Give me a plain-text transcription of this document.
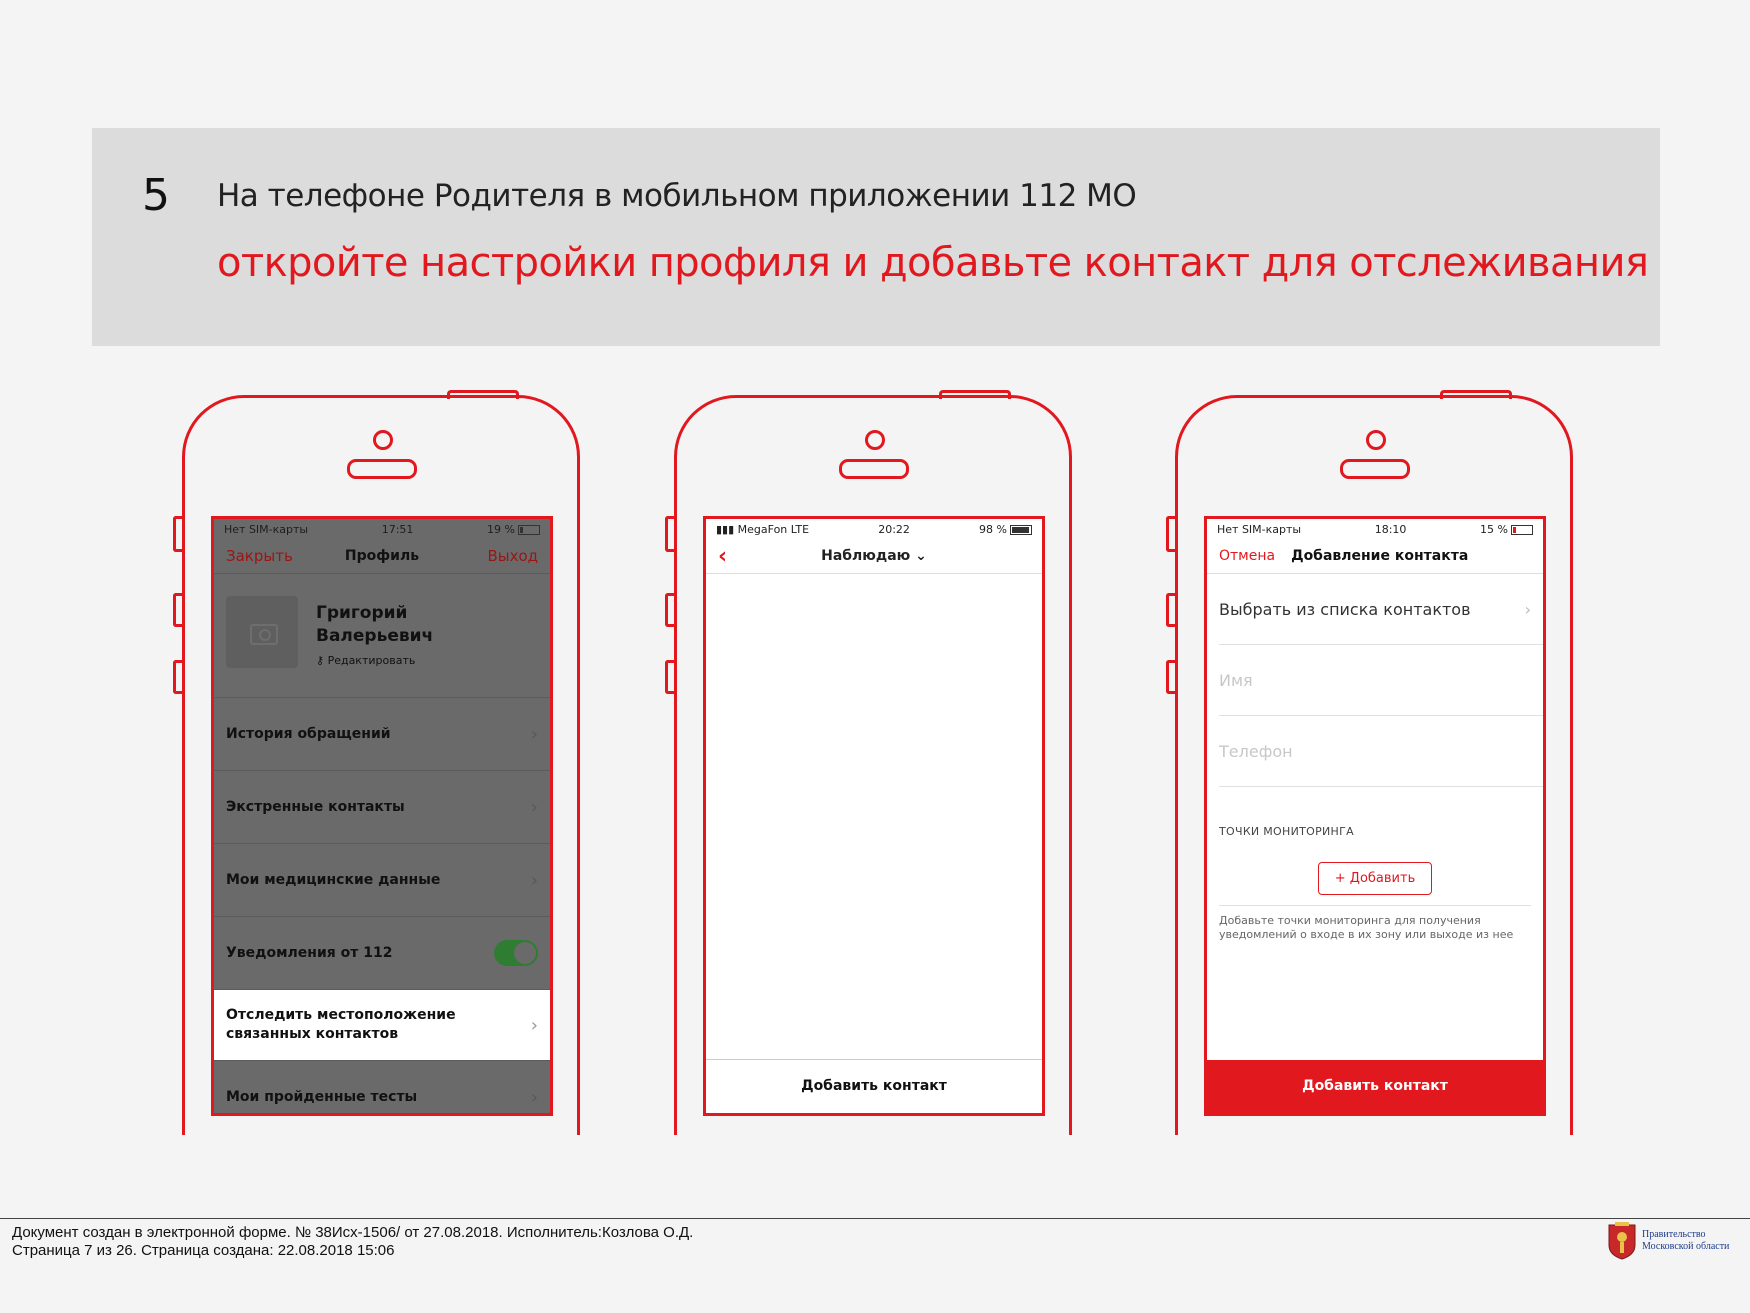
5 На телефоне Родителя в мобильном приложении 112 МО
откройте настройки профиля и добавьте контакт для отслеживания
Нет SIM-карты	17:51	19 %
Закрыть	Профиль	Выход
Григорий Валерьевич
⚷ Редактировать
История обращений	›
Экстренные контакты	›
Мои медицинские данные	›
Уведомления от 112
Отследить местоположение связанных контактов	›
Мои пройденные тесты	›
▮▮▮ MegaFon LTE	20:22	98 %
‹	Наблюдаю ⌄
Добавить контакт
Нет SIM-карты	18:10	15 %
Отмена Добавление контакта
Выбрать из списка контактов	›
Имя
Телефон
ТОЧКИ МОНИТОРИНГА
+ Добавить
Добавьте точки мониторинга для получения уведомлений о входе в их зону или выходе из нее
Добавить контакт
Документ создан в электронной форме. № 38Исх-1506/ от 27.08.2018. Исполнитель:Козлова О.Д.
Страница 7 из 26. Страница создана: 22.08.2018 15:06
Правительство
Московской области
